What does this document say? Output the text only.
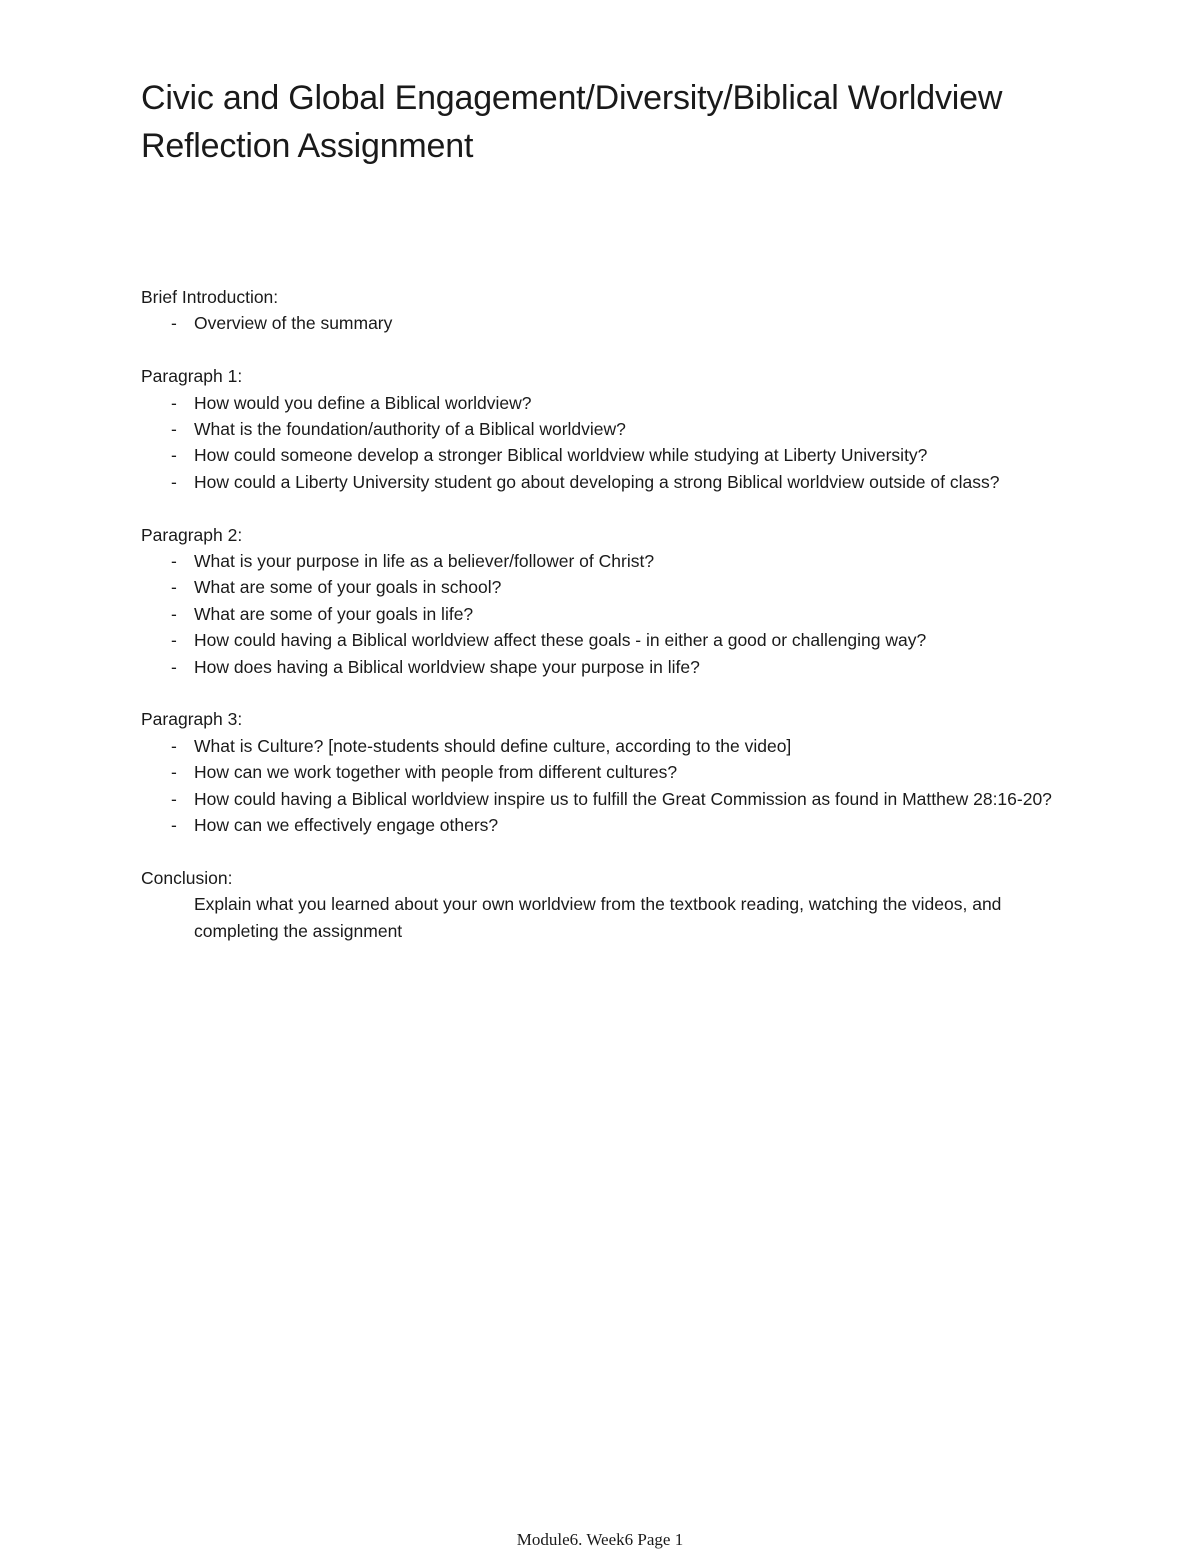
Civic and Global Engagement/Diversity/Biblical Worldview Reflection Assignment

Brief Introduction:

- Overview of the summary

Paragraph 1:

- How would you define a Biblical worldview?
- What is the foundation/authority of a Biblical worldview?
- How could someone develop a stronger Biblical worldview while studying at Liberty University?
- How could a Liberty University student go about developing a strong Biblical worldview outside of class?

Paragraph 2:

- What is your purpose in life as a believer/follower of Christ?
- What are some of your goals in school?
- What are some of your goals in life?
- How could having a Biblical worldview affect these goals - in either a good or challenging way?
- How does having a Biblical worldview shape your purpose in life?

Paragraph 3:

- What is Culture? [note-students should define culture, according to the video]
- How can we work together with people from different cultures?
- How could having a Biblical worldview inspire us to fulfill the Great Commission as found in Matthew 28:16-20?
- How can we effectively engage others?

Conclusion:

Explain what you learned about your own worldview from the textbook reading, watching the videos, and completing the assignment

Module6. Week6 Page 1
